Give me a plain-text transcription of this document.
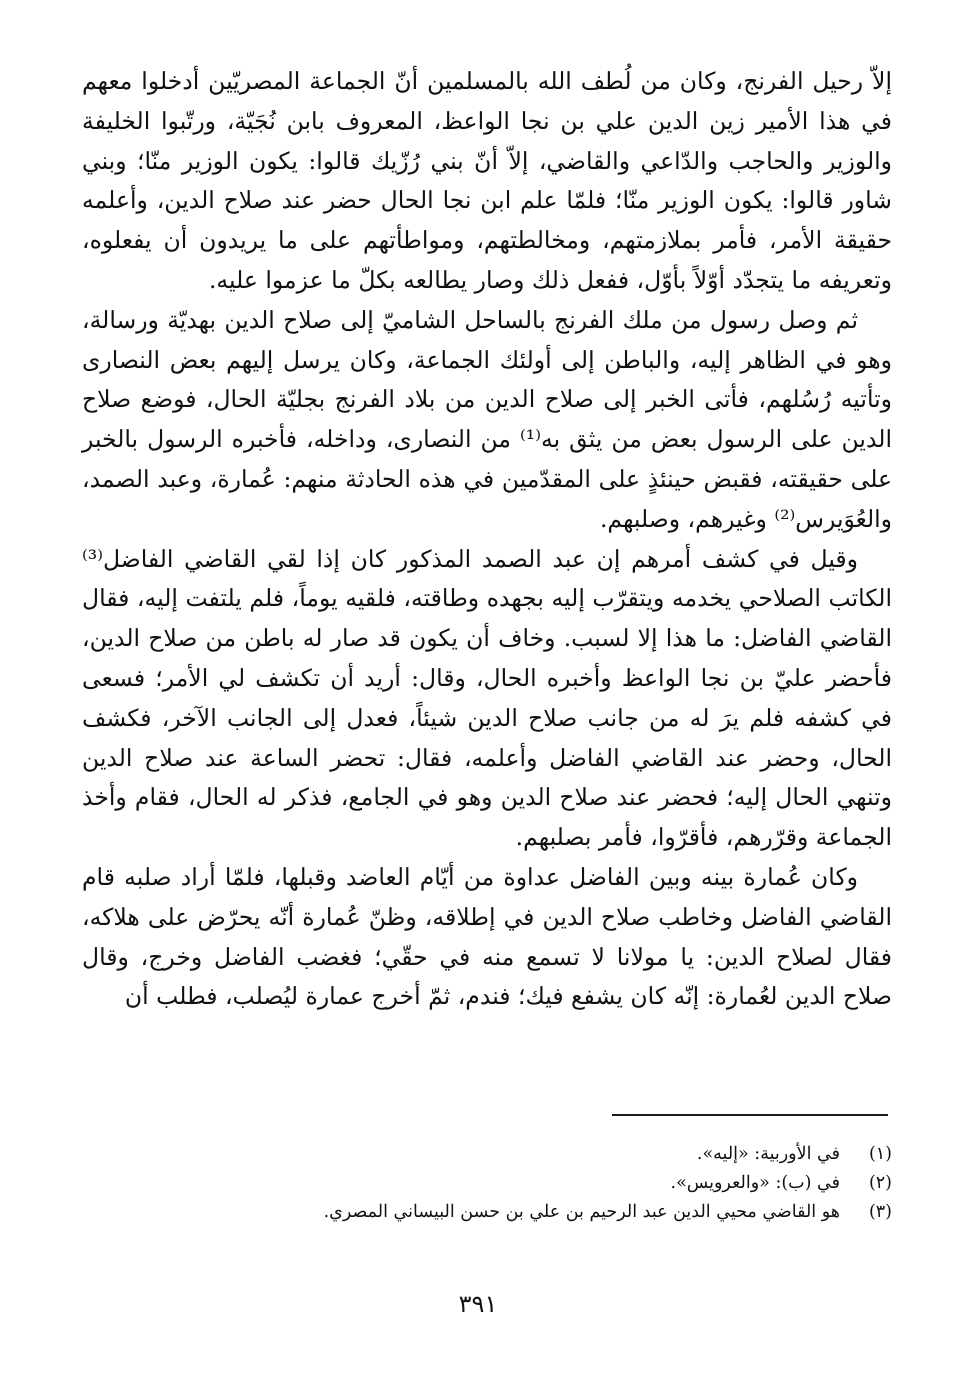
إلاّ رحيل الفرنج، وكان من لُطف الله بالمسلمين أنّ الجماعة المصريّين أدخلوا معهم في هذا الأمير زين الدين علي بن نجا الواعظ، المعروف بابن نُجَيّة، ورتّبوا الخليفة والوزير والحاجب والدّاعي والقاضي، إلاّ أنّ بني رُزّيك قالوا: يكون الوزير منّا؛ وبني شاور قالوا: يكون الوزير منّا؛ فلمّا علم ابن نجا الحال حضر عند صلاح الدين، وأعلمه حقيقة الأمر، فأمر بملازمتهم، ومخالطتهم، ومواطأتهم على ما يريدون أن يفعلوه، وتعريفه ما يتجدّد أوّلاً بأوّل، ففعل ذلك وصار يطالعه بكلّ ما عزموا عليه.

ثم وصل رسول من ملك الفرنج بالساحل الشاميّ إلى صلاح الدين بهديّة ورسالة، وهو في الظاهر إليه، والباطن إلى أولئك الجماعة، وكان يرسل إليهم بعض النصارى وتأتيه رُسُلهم، فأتى الخبر إلى صلاح الدين من بلاد الفرنج بجليّة الحال، فوضع صلاح الدين على الرسول بعض من يثق به⁽¹⁾ من النصارى، وداخله، فأخبره الرسول بالخبر على حقيقته، فقبض حينئذٍ على المقدّمين في هذه الحادثة منهم: عُمارة، وعبد الصمد، والعُوَيرس⁽²⁾ وغيرهم، وصلبهم.

وقيل في كشف أمرهم إن عبد الصمد المذكور كان إذا لقي القاضي الفاضل⁽³⁾ الكاتب الصلاحي يخدمه ويتقرّب إليه بجهده وطاقته، فلقيه يوماً، فلم يلتفت إليه، فقال القاضي الفاضل: ما هذا إلا لسبب. وخاف أن يكون قد صار له باطن من صلاح الدين، فأحضر عليّ بن نجا الواعظ وأخبره الحال، وقال: أريد أن تكشف لي الأمر؛ فسعى في كشفه فلم يرَ له من جانب صلاح الدين شيئاً، فعدل إلى الجانب الآخر، فكشف الحال، وحضر عند القاضي الفاضل وأعلمه، فقال: تحضر الساعة عند صلاح الدين وتنهي الحال إليه؛ فحضر عند صلاح الدين وهو في الجامع، فذكر له الحال، فقام وأخذ الجماعة وقرّرهم، فأقرّوا، فأمر بصلبهم.

وكان عُمارة بينه وبين الفاضل عداوة من أيّام العاضد وقبلها، فلمّا أراد صلبه قام القاضي الفاضل وخاطب صلاح الدين في إطلاقه، وظنّ عُمارة أنّه يحرّض على هلاكه، فقال لصلاح الدين: يا مولانا لا تسمع منه في حقّي؛ فغضب الفاضل وخرج، وقال صلاح الدين لعُمارة: إنّه كان يشفع فيك؛ فندم، ثمّ أخرج عمارة ليُصلب، فطلب أن

(١)
في الأوربية: «إليه».
(٢)
في (ب): «والعرويس».
(٣)
هو القاضي محيي الدين عبد الرحيم بن علي بن حسن البيساني المصري.
٣٩١
